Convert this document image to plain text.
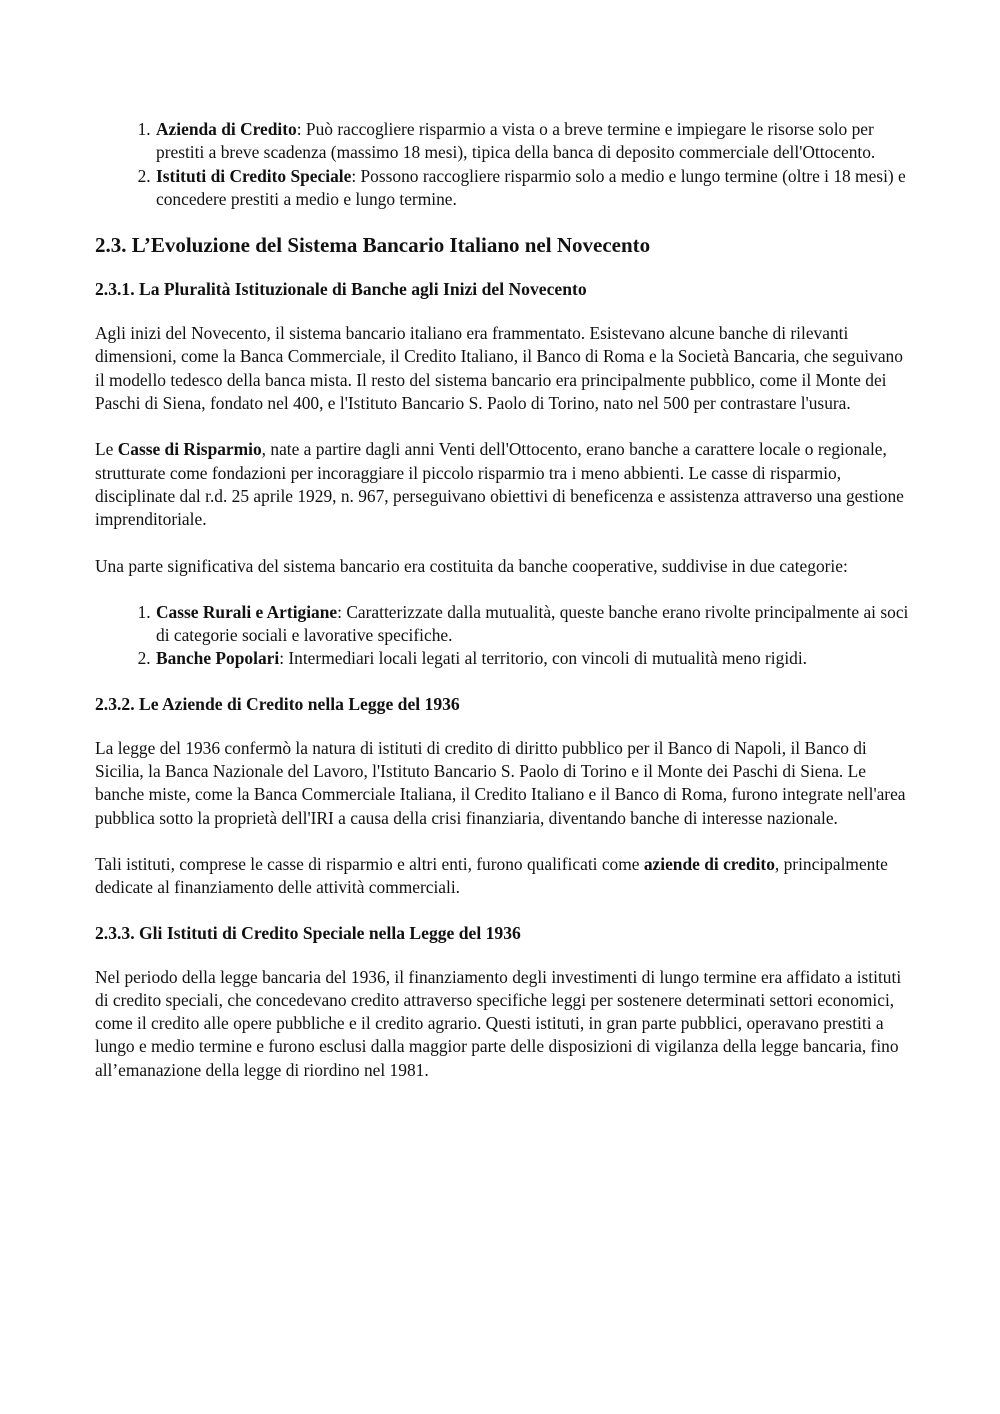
1. Azienda di Credito: Può raccogliere risparmio a vista o a breve termine e impiegare le risorse solo per prestiti a breve scadenza (massimo 18 mesi), tipica della banca di deposito commerciale dell'Ottocento.
2. Istituti di Credito Speciale: Possono raccogliere risparmio solo a medio e lungo termine (oltre i 18 mesi) e concedere prestiti a medio e lungo termine.
2.3. L’Evoluzione del Sistema Bancario Italiano nel Novecento
2.3.1. La Pluralità Istituzionale di Banche agli Inizi del Novecento

Agli inizi del Novecento, il sistema bancario italiano era frammentato. Esistevano alcune banche di rilevanti dimensioni, come la Banca Commerciale, il Credito Italiano, il Banco di Roma e la Società Bancaria, che seguivano il modello tedesco della banca mista. Il resto del sistema bancario era principalmente pubblico, come il Monte dei Paschi di Siena, fondato nel 400, e l'Istituto Bancario S. Paolo di Torino, nato nel 500 per contrastare l'usura.

Le Casse di Risparmio, nate a partire dagli anni Venti dell'Ottocento, erano banche a carattere locale o regionale, strutturate come fondazioni per incoraggiare il piccolo risparmio tra i meno abbienti. Le casse di risparmio, disciplinate dal r.d. 25 aprile 1929, n. 967, perseguivano obiettivi di beneficenza e assistenza attraverso una gestione imprenditoriale.

Una parte significativa del sistema bancario era costituita da banche cooperative, suddivise in due categorie:

1. Casse Rurali e Artigiane: Caratterizzate dalla mutualità, queste banche erano rivolte principalmente ai soci di categorie sociali e lavorative specifiche.
2. Banche Popolari: Intermediari locali legati al territorio, con vincoli di mutualità meno rigidi.
2.3.2. Le Aziende di Credito nella Legge del 1936

La legge del 1936 confermò la natura di istituti di credito di diritto pubblico per il Banco di Napoli, il Banco di Sicilia, la Banca Nazionale del Lavoro, l'Istituto Bancario S. Paolo di Torino e il Monte dei Paschi di Siena. Le banche miste, come la Banca Commerciale Italiana, il Credito Italiano e il Banco di Roma, furono integrate nell'area pubblica sotto la proprietà dell'IRI a causa della crisi finanziaria, diventando banche di interesse nazionale.

Tali istituti, comprese le casse di risparmio e altri enti, furono qualificati come aziende di credito, principalmente dedicate al finanziamento delle attività commerciali.

2.3.3. Gli Istituti di Credito Speciale nella Legge del 1936

Nel periodo della legge bancaria del 1936, il finanziamento degli investimenti di lungo termine era affidato a istituti di credito speciali, che concedevano credito attraverso specifiche leggi per sostenere determinati settori economici, come il credito alle opere pubbliche e il credito agrario. Questi istituti, in gran parte pubblici, operavano prestiti a lungo e medio termine e furono esclusi dalla maggior parte delle disposizioni di vigilanza della legge bancaria, fino all’emanazione della legge di riordino nel 1981.
